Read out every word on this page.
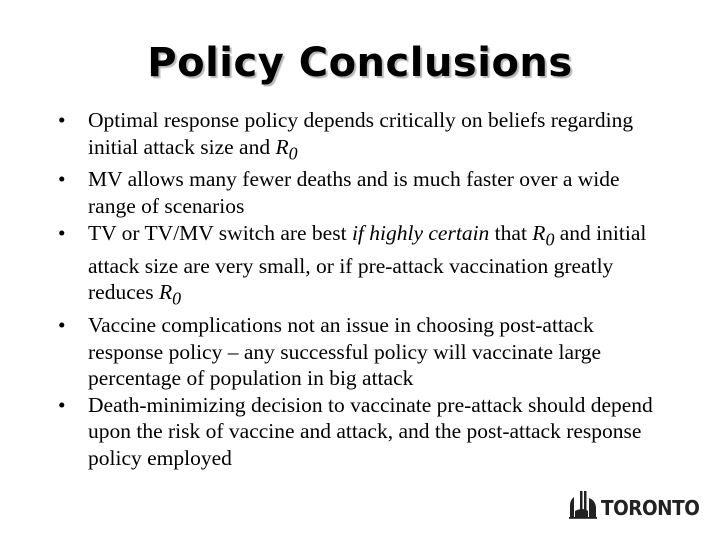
Policy Conclusions
• Optimal response policy depends critically on beliefs regarding initial attack size and $R_0$
• MV allows many fewer deaths and is much faster over a wide range of scenarios
• TV or TV/MV switch are best if highly certain that $R_0$ and initial attack size are very small, or if pre-attack vaccination greatly reduces $R_0$
• Vaccine complications not an issue in choosing post-attack response policy – any successful policy will vaccinate large percentage of population in big attack
• Death-minimizing decision to vaccinate pre-attack should depend upon the risk of vaccine and attack, and the post-attack response policy employed
TORONTO
